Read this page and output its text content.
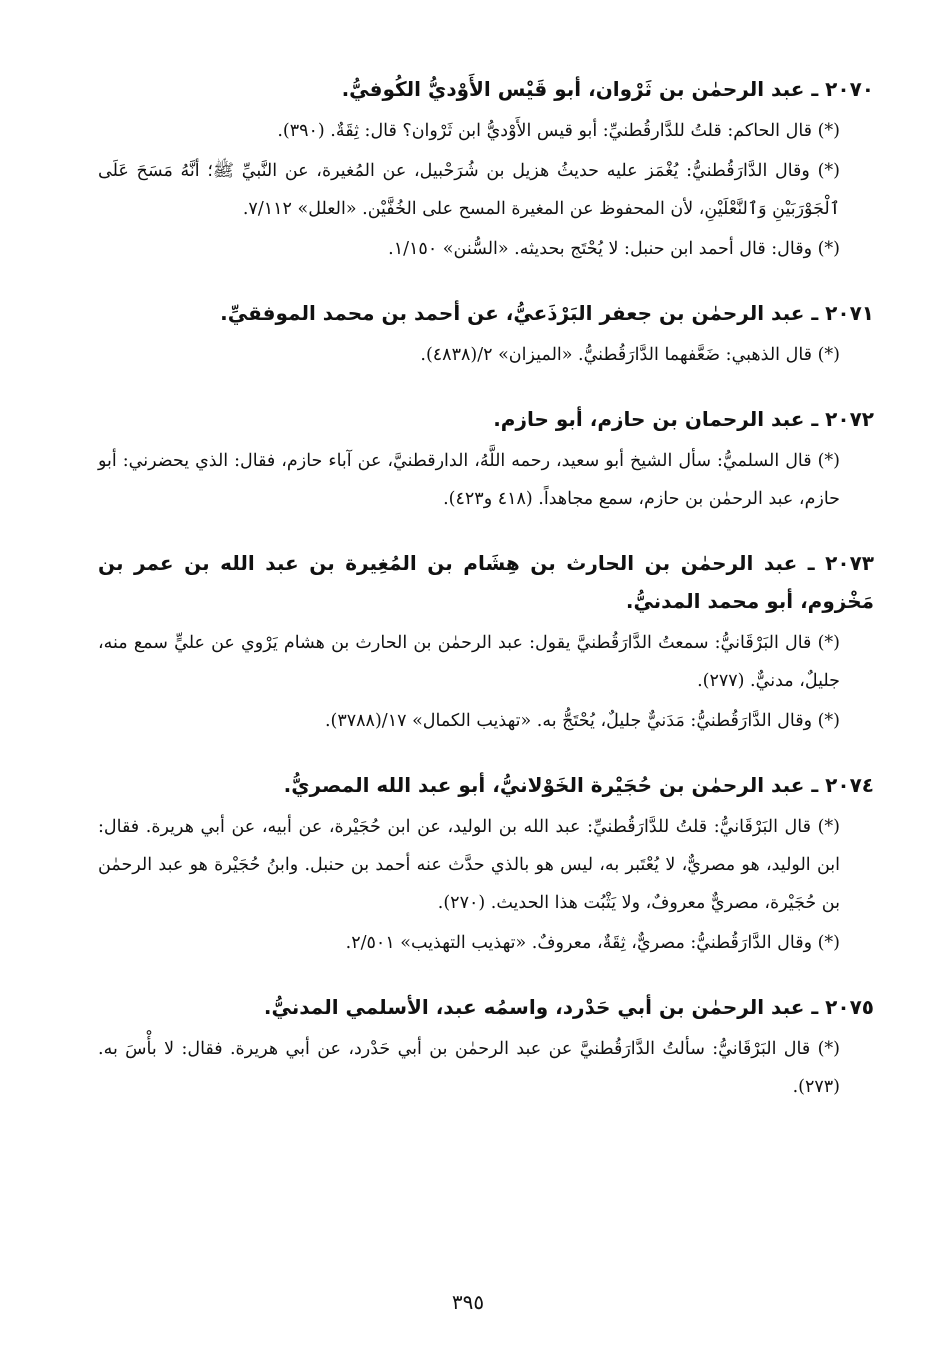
٢٠٧٠ ـ عبد الرحمٰن بن ثَرْوان، أبو قَيْس الأَوْديُّ الكُوفيُّ.
(*) قال الحاكم: قلتُ للدَّارقُطنيِّ: أبو قيس الأَوْديُّ ابن ثَرْوان؟ قال: ثِقَةٌ. (٣٩٠).
(*) وقال الدَّارَقُطنيُّ: يُغْمَز عليه حديثُ هزيل بن شُرَحْبيل، عن المُغيرة، عن النَّبيِّ ﷺ؛ أنَّهُ مَسَحَ عَلَى ٱلْجَوْرَبَيْنِ وَٱلنَّعْلَيْنِ، لأن المحفوظ عن المغيرة المسح على الخُفَّيْن. «العلل» ٧/١١٢.
(*) وقال: قال أحمد ابن حنبل: لا يُحْتَج بحديثه. «السُّنن» ١/١٥٠.
٢٠٧١ ـ عبد الرحمٰن بن جعفر البَرْذَعيُّ، عن أحمد بن محمد الموفقيِّ.
(*) قال الذهبي: ضَعَّفهما الدَّارَقُطنيُّ. «الميزان» ٢/(٤٨٣٨).
٢٠٧٢ ـ عبد الرحمان بن حازم، أبو حازم.
(*) قال السلميُّ: سأل الشيخ أبو سعيد، رحمه اللَّهُ، الدارقطنيَّ، عن آباء حازم، فقال: الذي يحضرني: أبو حازم، عبد الرحمٰن بن حازم، سمع مجاهداً. (٤١٨ و٤٢٣).
٢٠٧٣ ـ عبد الرحمٰن بن الحارث بن هِشَام بن المُغِيرة بن عبد الله بن عمر بن مَخْزوم، أبو محمد المدنيُّ.
(*) قال البَرْقَانيُّ: سمعتُ الدَّارَقُطنيَّ يقول: عبد الرحمٰن بن الحارث بن هشام يَرْوي عن عليٍّ سمع منه، جليلٌ، مدنيٌّ. (٢٧٧).
(*) وقال الدَّارَقُطنيُّ: مَدَنيٌّ جليلٌ، يُحْتَجُّ به. «تهذيب الكمال» ١٧/(٣٧٨٨).
٢٠٧٤ ـ عبد الرحمٰن بن حُجَيْرة الخَوْلانيُّ، أبو عبد الله المصريُّ.
(*) قال البَرْقَانيُّ: قلتُ للدَّارَقُطنيِّ: عبد الله بن الوليد، عن ابن حُجَيْرة، عن أبيه، عن أبي هريرة. فقال: ابن الوليد، هو مصريٌّ، لا يُعْتَبر به، ليس هو بالذي حدَّث عنه أحمد بن حنبل. وابنُ حُجَيْرة هو عبد الرحمٰن بن حُجَيْرة، مصريٌّ معروفٌ، ولا يَثْبُت هذا الحديث. (٢٧٠).
(*) وقال الدَّارَقُطنيُّ: مصريٌّ، ثِقَةٌ، معروفٌ. «تهذيب التهذيب» ٢/٥٠١.
٢٠٧٥ ـ عبد الرحمٰن بن أبي حَدْرد، واسمُه عبد، الأسلمي المدنيُّ.
(*) قال البَرْقَانيُّ: سألتُ الدَّارَقُطنيَّ عن عبد الرحمٰن بن أبي حَدْرد، عن أبي هريرة. فقال: لا بأْسَ به. (٢٧٣).
٣٩٥
